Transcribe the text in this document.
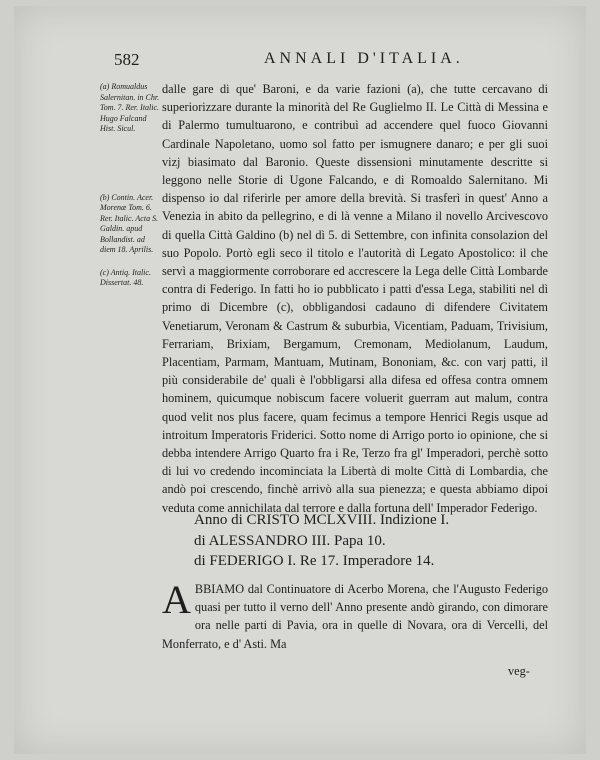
582	ANNALI D'ITALIA.
(a) Romualdus Salernitan. in Chr. Tom. 7. Rer. Italic. Hugo Falcand Hist. Sicul.
(b) Contin. Acer. Morenæ Tom. 6. Rer. Italic. Acta S. Galdin. apud Bollandist. ad diem 18. Aprilis.
(c) Antiq. Italic. Dissertat. 48.

dalle gare di que' Baroni, e da varie fazioni (a), che tutte cercavano di superiorizzare durante la minorità del Re Guglielmo II. Le Città di Messina e di Palermo tumultuarono, e contribuì ad accendere quel fuoco Giovanni Cardinale Napoletano, uomo sol fatto per ismugnere danaro; e per gli suoi vizj biasimato dal Baronio. Queste dissensioni minutamente descritte si leggono nelle Storie di Ugone Falcando, e di Romoaldo Salernitano. Mi dispenso io dal riferirle per amore della brevità. Si trasferì in quest' Anno a Venezia in abito da pellegrino, e di là venne a Milano il novello Arcivescovo di quella Città Galdino (b) nel dì 5. di Settembre, con infinita consolazion del suo Popolo. Portò egli seco il titolo e l'autorità di Legato Apostolico: il che servì a maggiormente corroborare ed accrescere la Lega delle Città Lombarde contra di Federigo. In fatti ho io pubblicato i patti d'essa Lega, stabiliti nel dì primo di Dicembre (c), obbligandosi cadauno di difendere Civitatem Venetiarum, Veronam & Castrum & suburbia, Vicentiam, Paduam, Trivisium, Ferrariam, Brixiam, Bergamum, Cremonam, Mediolanum, Laudum, Placentiam, Parmam, Mantuam, Mutinam, Bononiam, &c. con varj patti, il più considerabile de' quali è l'obbligarsi alla difesa ed offesa contra omnem hominem, quicumque nobiscum facere voluerit guerram aut malum, contra quod velit nos plus facere, quam fecimus a tempore Henrici Regis usque ad introitum Imperatoris Friderici. Sotto nome di Arrigo porto io opinione, che si debba intendere Arrigo Quarto fra i Re, Terzo fra gl' Imperadori, perchè sotto di lui vo credendo incominciata la Libertà di molte Città di Lombardia, che andò poi crescendo, finchè arrivò alla sua pienezza; e questa abbiamo dipoi veduta come annichilata dal terrore e dalla fortuna dell' Imperador Federigo.

Anno di CRISTO MCLXVIII. Indizione I.
di ALESSANDRO III. Papa 10.
di FEDERIGO I. Re 17. Imperadore 14.
A BBIAMO dal Continuatore di Acerbo Morena, che l'Augusto Federigo quasi per tutto il verno dell' Anno presente andò girando, con dimorare ora nelle parti di Pavia, ora in quelle di Novara, ora di Vercelli, del Monferrato, e d' Asti. Ma
veg-
